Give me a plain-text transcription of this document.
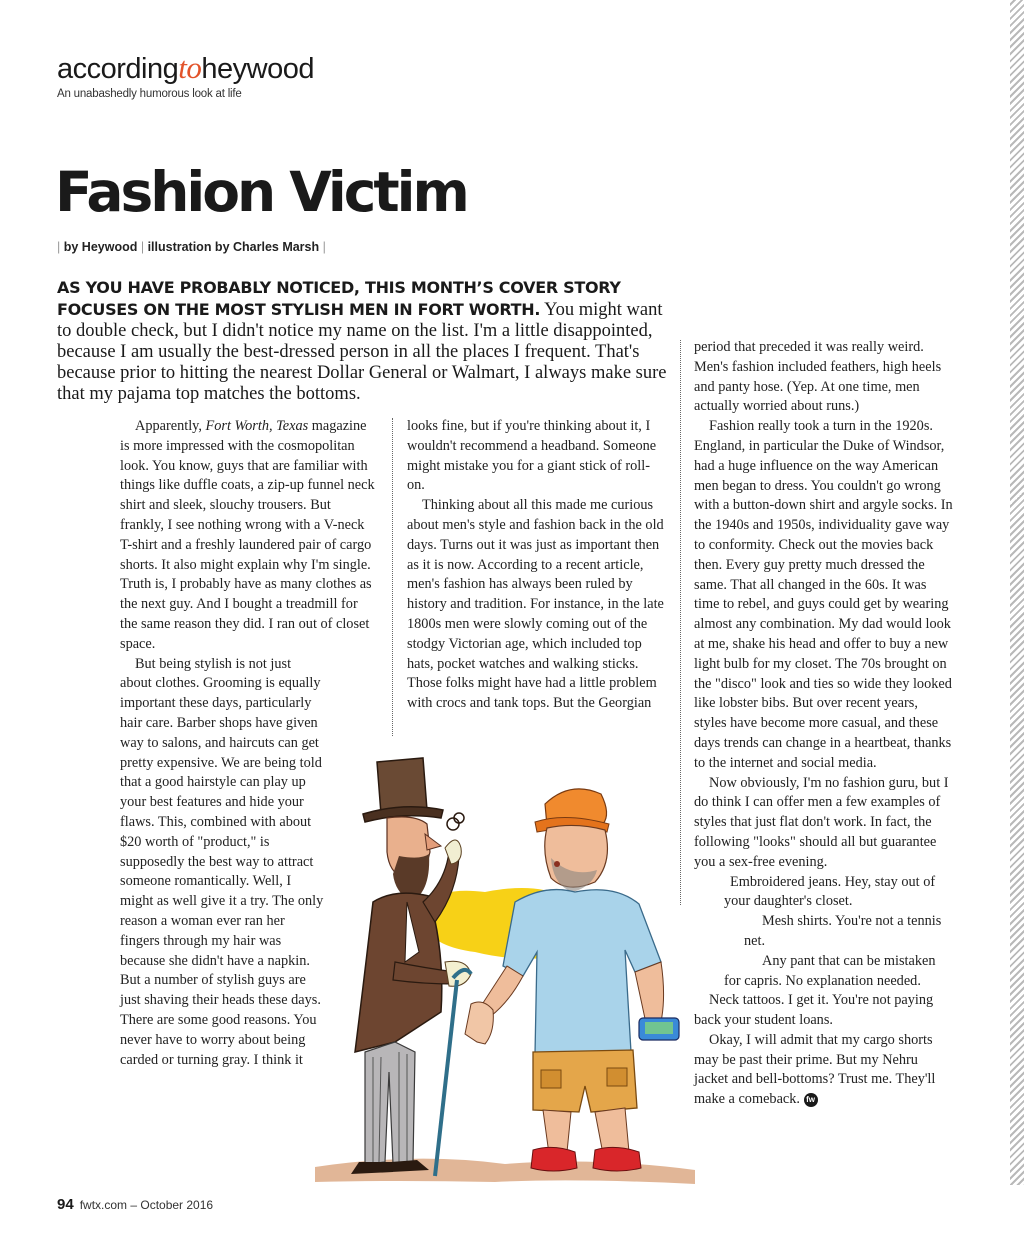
accordingtoheywood
An unabashedly humorous look at life
Fashion Victim
| by Heywood | illustration by Charles Marsh |
AS YOU HAVE PROBABLY NOTICED, THIS MONTH’S COVER STORY FOCUSES ON THE MOST STYLISH MEN IN FORT WORTH. You might want to double check, but I didn't notice my name on the list. I'm a little disappointed, because I am usually the best-dressed person in all the places I frequent. That's because prior to hitting the nearest Dollar General or Walmart, I always make sure that my pajama top matches the bottoms.

Apparently, Fort Worth, Texas magazine is more impressed with the cosmopolitan look. You know, guys that are familiar with things like duffle coats, a zip-up funnel neck shirt and sleek, slouchy trousers. But frankly, I see nothing wrong with a V-neck T-shirt and a freshly laundered pair of cargo shorts. It also might explain why I'm single. Truth is, I probably have as many clothes as the next guy. And I bought a treadmill for the same reason they did. I ran out of closet space.

But being stylish is not just about clothes. Grooming is equally important these days, particularly hair care. Barber shops have given way to salons, and haircuts can get pretty expensive. We are being told that a good hairstyle can play up your best features and hide your flaws. This, combined with about $20 worth of "product," is supposedly the best way to attract someone romantically. Well, I might as well give it a try. The only reason a woman ever ran her fingers through my hair was because she didn't have a napkin. But a number of stylish guys are just shaving their heads these days. There are some good reasons. You never have to worry about being carded or turning gray. I think it

looks fine, but if you're thinking about it, I wouldn't recommend a headband. Someone might mistake you for a giant stick of roll-on.

Thinking about all this made me curious about men's style and fashion back in the old days. Turns out it was just as important then as it is now. According to a recent article, men's fashion has always been ruled by history and tradition. For instance, in the late 1800s men were slowly coming out of the stodgy Victorian age, which included top hats, pocket watches and walking sticks. Those folks might have had a little problem with crocs and tank tops. But the Georgian

period that preceded it was really weird. Men's fashion included feathers, high heels and panty hose. (Yep. At one time, men actually worried about runs.)

Fashion really took a turn in the 1920s. England, in particular the Duke of Windsor, had a huge influence on the way American men began to dress. You couldn't go wrong with a button-down shirt and argyle socks. In the 1940s and 1950s, individuality gave way to conformity. Check out the movies back then. Every guy pretty much dressed the same. That all changed in the 60s. It was time to rebel, and guys could get by wearing almost any combination. My dad would look at me, shake his head and offer to buy a new light bulb for my closet. The 70s brought on the "disco" look and ties so wide they looked like lobster bibs. But over recent years, styles have become more casual, and these days trends can change in a heartbeat, thanks to the internet and social media.

Now obviously, I'm no fashion guru, but I do think I can offer men a few examples of styles that just flat don't work. In fact, the following "looks" should all but guarantee you a sex-free evening.

Embroidered jeans. Hey, stay out of your daughter's closet.

Mesh shirts. You're not a tennis net.

Any pant that can be mistaken for capris. No explanation needed.

Neck tattoos. I get it. You're not paying back your student loans.

Okay, I will admit that my cargo shorts may be past their prime. But my Nehru jacket and bell-bottoms? Trust me. They'll make a comeback. fw

94 fwtx.com – October 2016
